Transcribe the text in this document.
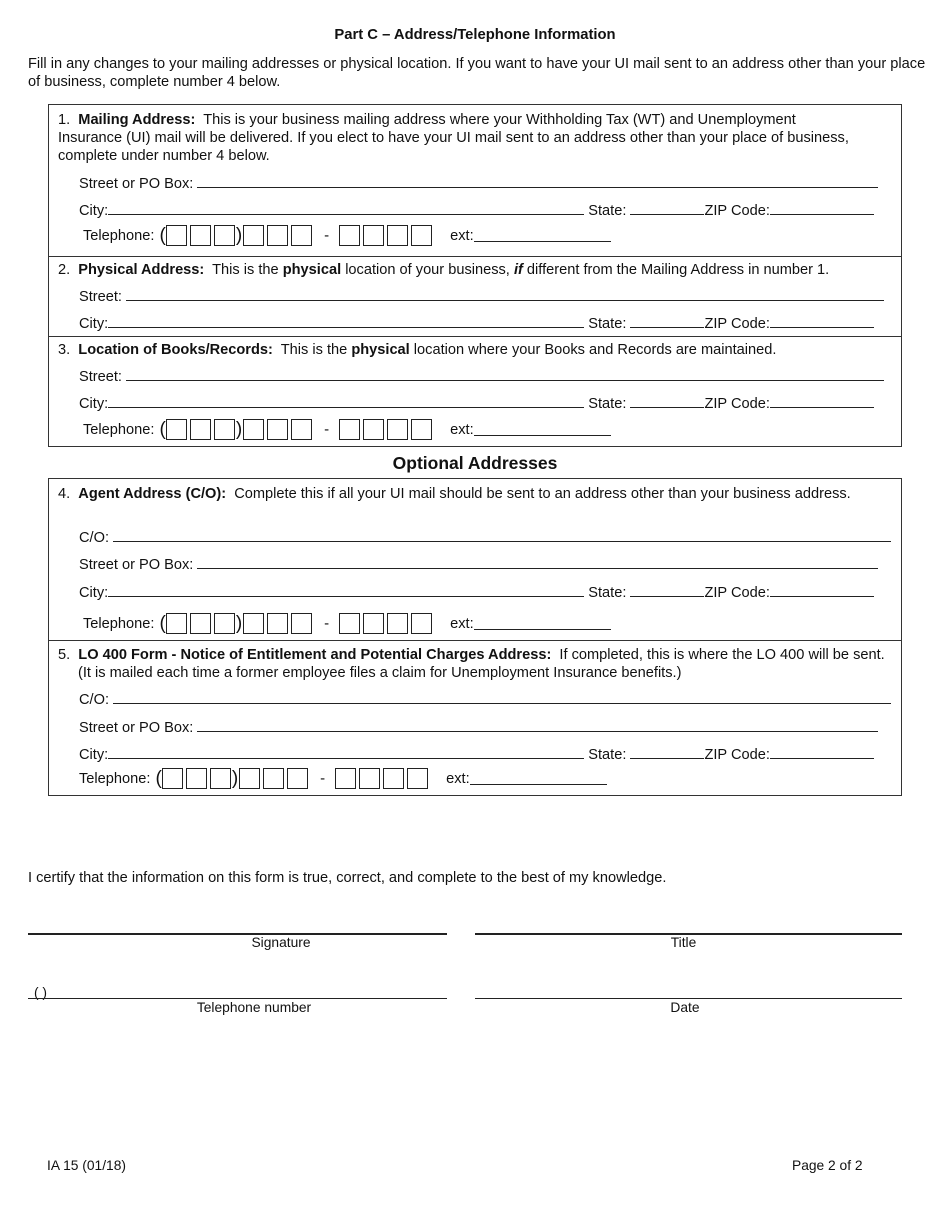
Part C – Address/Telephone Information
Fill in any changes to your mailing addresses or physical location. If you want to have your UI mail sent to an address other than your place of business, complete number 4 below.
1. Mailing Address: This is your business mailing address where your Withholding Tax (WT) and Unemployment Insurance (UI) mail will be delivered. If you elect to have your UI mail sent to an address other than your place of business, complete under number 4 below.
Street or PO Box:
City:	State:	ZIP Code:
Telephone:
(	)	-	ext:
2. Physical Address: This is the physical location of your business, if different from the Mailing Address in number 1.
Street:
City:	State:	ZIP Code:
3. Location of Books/Records: This is the physical location where your Books and Records are maintained.
Street:
City:	State:	ZIP Code:
Telephone:
(	)	-	ext:
Optional Addresses
4. Agent Address (C/O): Complete this if all your UI mail should be sent to an address other than your business address.
C/O:
Street or PO Box:
City:	State:	ZIP Code:
Telephone:
(	)	-	ext:
5. LO 400 Form - Notice of Entitlement and Potential Charges Address: If completed, this is where the LO 400 will be sent. (It is mailed each time a former employee files a claim for Unemployment Insurance benefits.)
C/O:
Street or PO Box:
City:	State:	ZIP Code:
Telephone:
(	)	-	ext:
I certify that the information on this form is true, correct, and complete to the best of my knowledge.
Signature	Title
( )
Telephone number	Date
IA 15 (01/18)	Page 2 of 2
